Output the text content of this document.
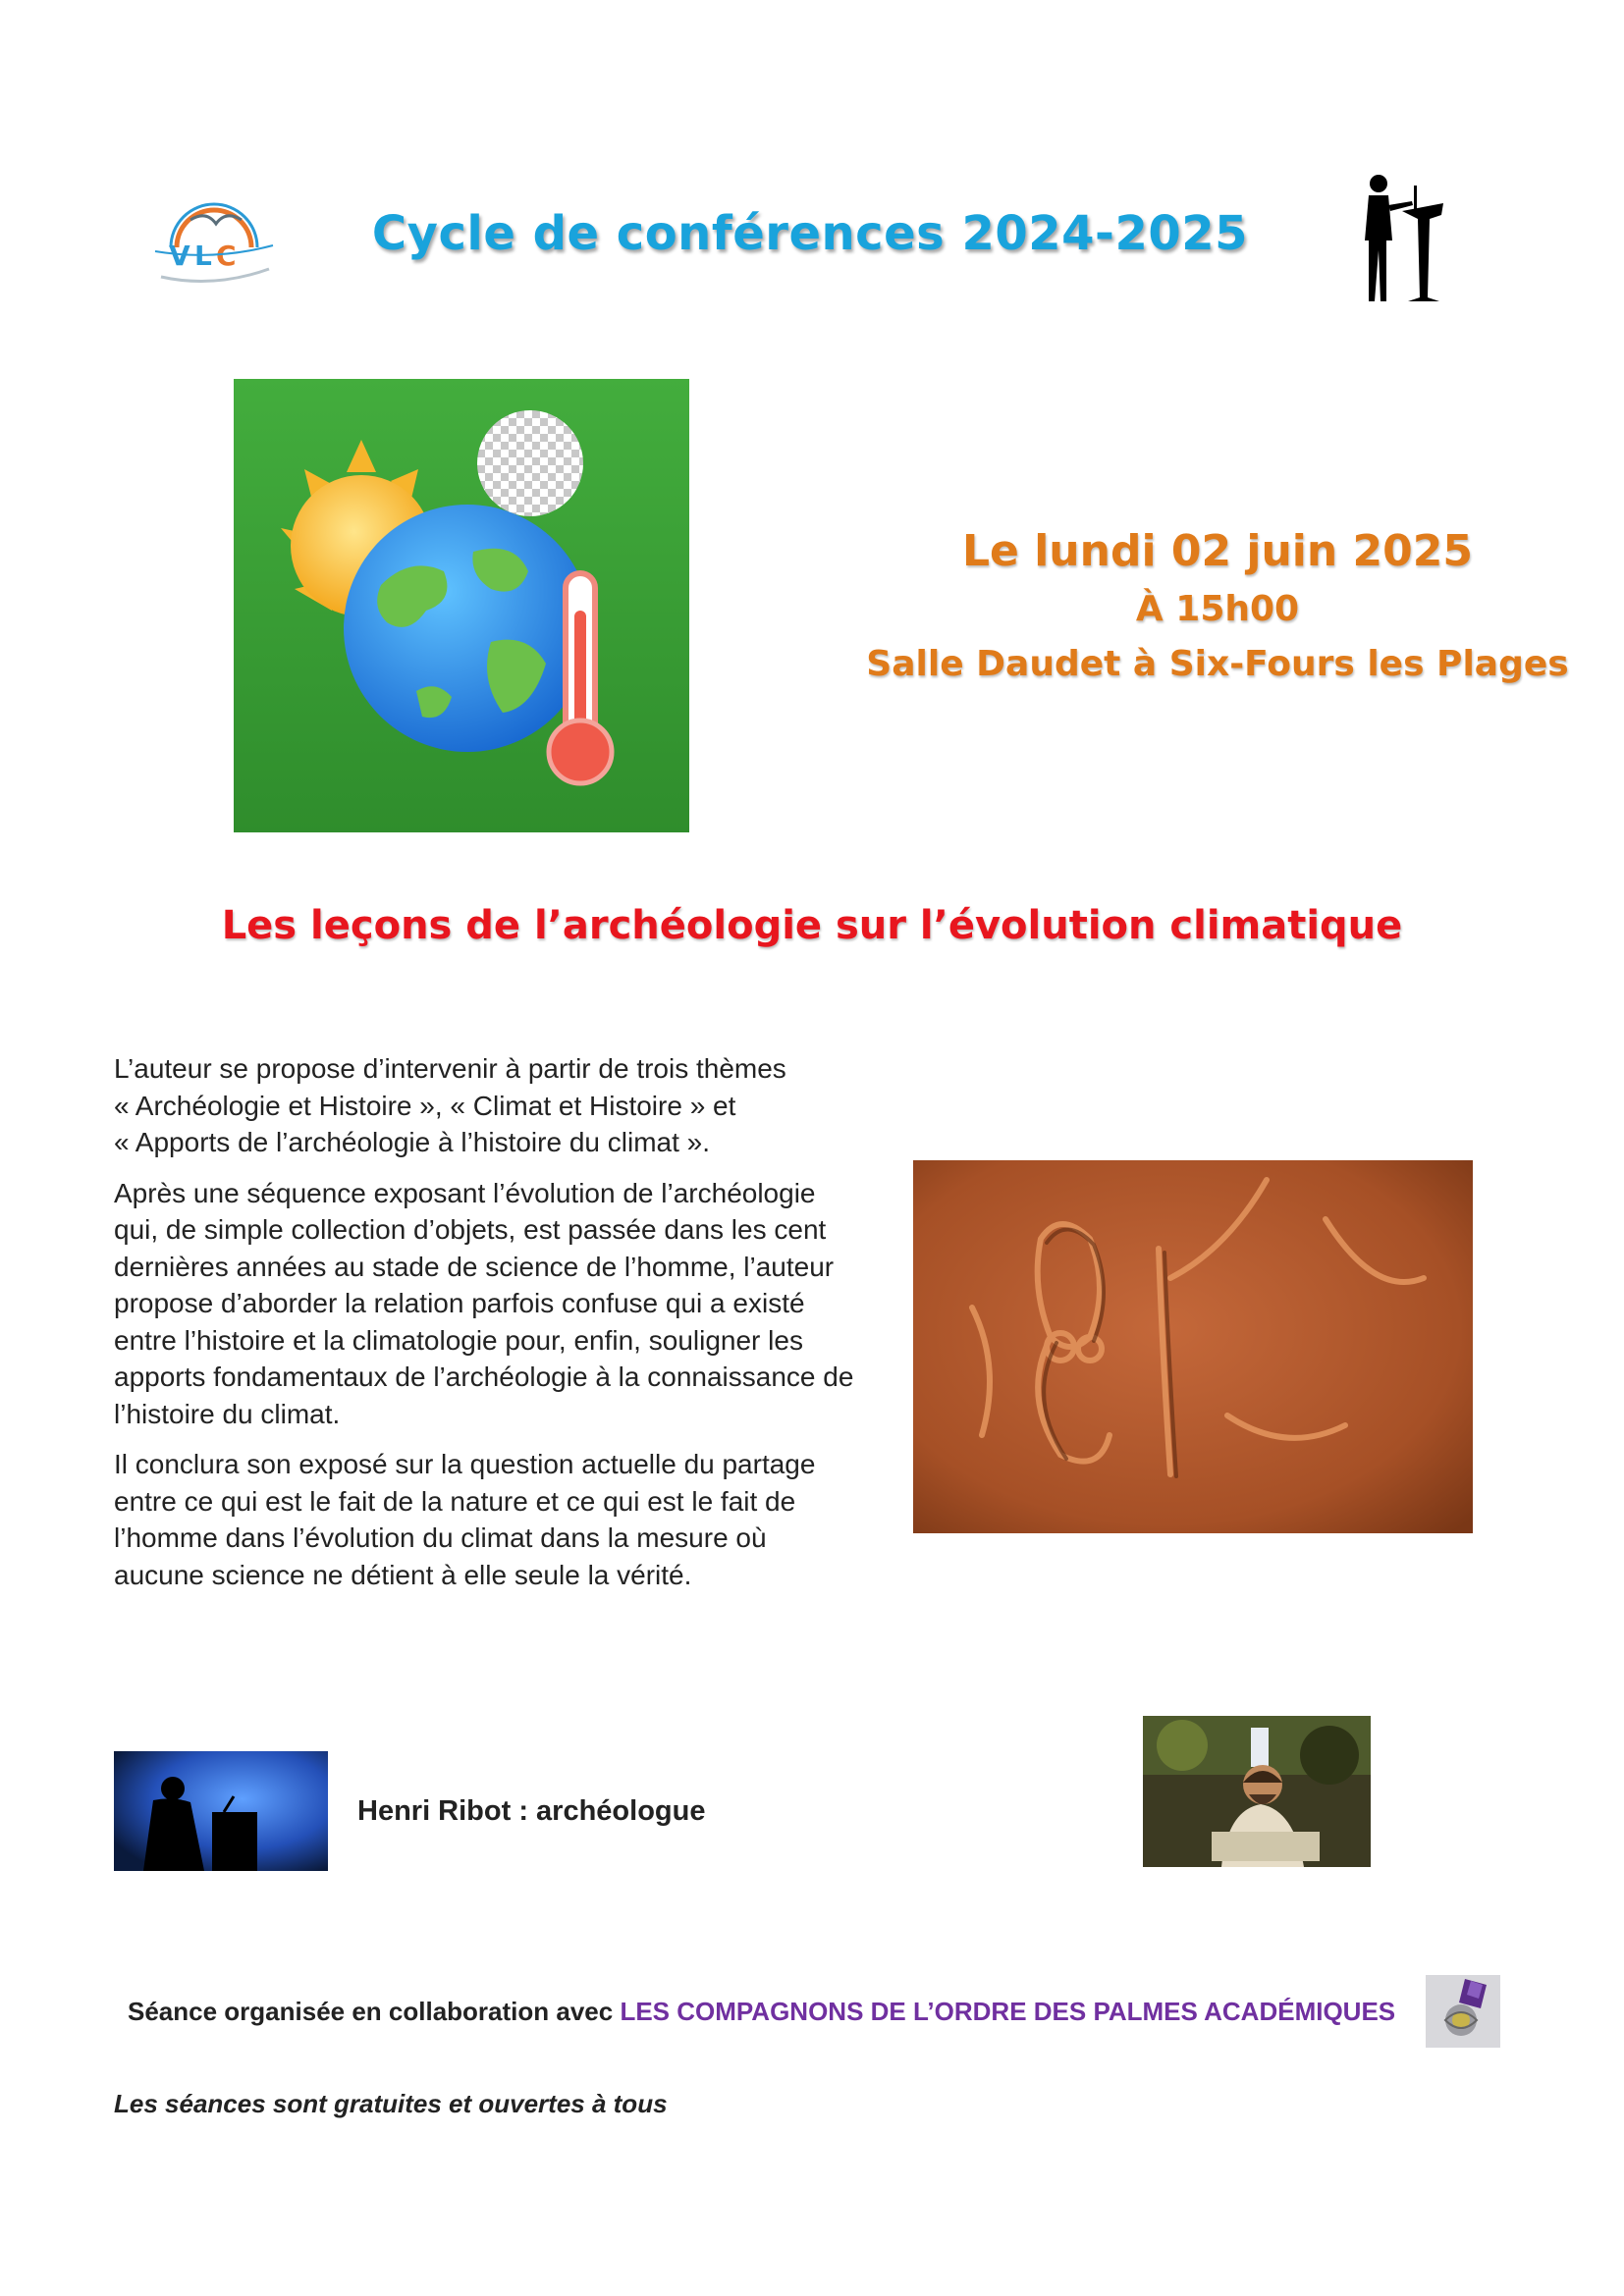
V L C	Cycle de conférences 2024-2025
Le lundi 02 juin 2025
À 15h00
Salle Daudet à Six-Fours les Plages
Les leçons de l’archéologie sur l’évolution climatique

L’auteur se propose d’intervenir à partir de trois thèmes
« Archéologie et Histoire », « Climat et Histoire » et
« Apports de l’archéologie à l’histoire du climat ».

Après une séquence exposant l’évolution de l’archéologie
qui, de simple collection d’objets, est passée dans les cent
dernières années au stade de science de l’homme, l’auteur
propose d’aborder la relation parfois confuse qui a existé
entre l’histoire et la climatologie pour, enfin, souligner les
apports fondamentaux de l’archéologie à la connaissance de
l’histoire du climat.

Il conclura son exposé sur la question actuelle du partage
entre ce qui est le fait de la nature et ce qui est le fait de
l’homme dans l’évolution du climat dans la mesure où
aucune science ne détient à elle seule la vérité.

Henri Ribot : archéologue
Séance organisée en collaboration avec LES COMPAGNONS DE L’ORDRE DES PALMES ACADÉMIQUES
Les séances sont gratuites et ouvertes à tous
